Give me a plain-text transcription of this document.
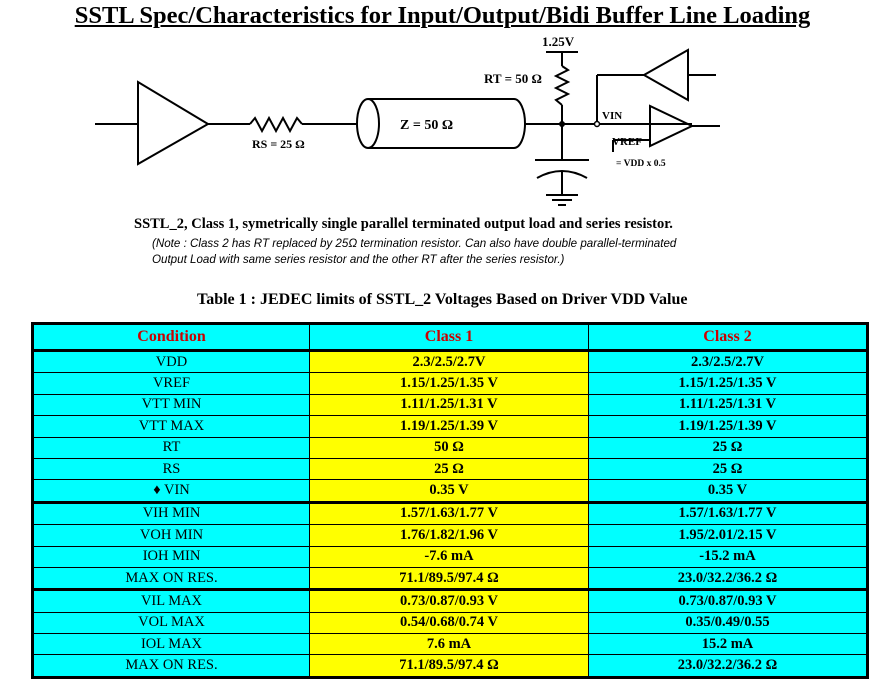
SSTL Spec/Characteristics for Input/Output/Bidi Buffer Line Loading
1.25V
RT = 50 Ω
Z = 50 Ω
RS = 25 Ω
VIN
VREF
= VDD x 0.5
SSTL_2, Class 1, symetrically single parallel terminated output load and series resistor.
(Note : Class 2 has RT replaced by 25Ω termination resistor. Can also have double parallel-terminated
Output Load with same series resistor and the other RT after the series resistor.)
Table 1 : JEDEC limits of SSTL_2 Voltages Based on Driver VDD Value
Condition	Class 1	Class 2
VDD	2.3/2.5/2.7V	2.3/2.5/2.7V
VREF	1.15/1.25/1.35 V	1.15/1.25/1.35 V
VTT MIN	1.11/1.25/1.31 V	1.11/1.25/1.31 V
VTT MAX	1.19/1.25/1.39 V	1.19/1.25/1.39 V
RT	50 Ω	25 Ω
RS	25 Ω	25 Ω
♦ VIN	0.35 V	0.35 V
VIH MIN	1.57/1.63/1.77 V	1.57/1.63/1.77 V
VOH MIN	1.76/1.82/1.96 V	1.95/2.01/2.15 V
IOH MIN	-7.6 mA	-15.2 mA
MAX ON RES.	71.1/89.5/97.4 Ω	23.0/32.2/36.2 Ω
VIL MAX	0.73/0.87/0.93 V	0.73/0.87/0.93 V
VOL MAX	0.54/0.68/0.74 V	0.35/0.49/0.55
IOL MAX	7.6 mA	15.2 mA
MAX ON RES.	71.1/89.5/97.4 Ω	23.0/32.2/36.2 Ω
